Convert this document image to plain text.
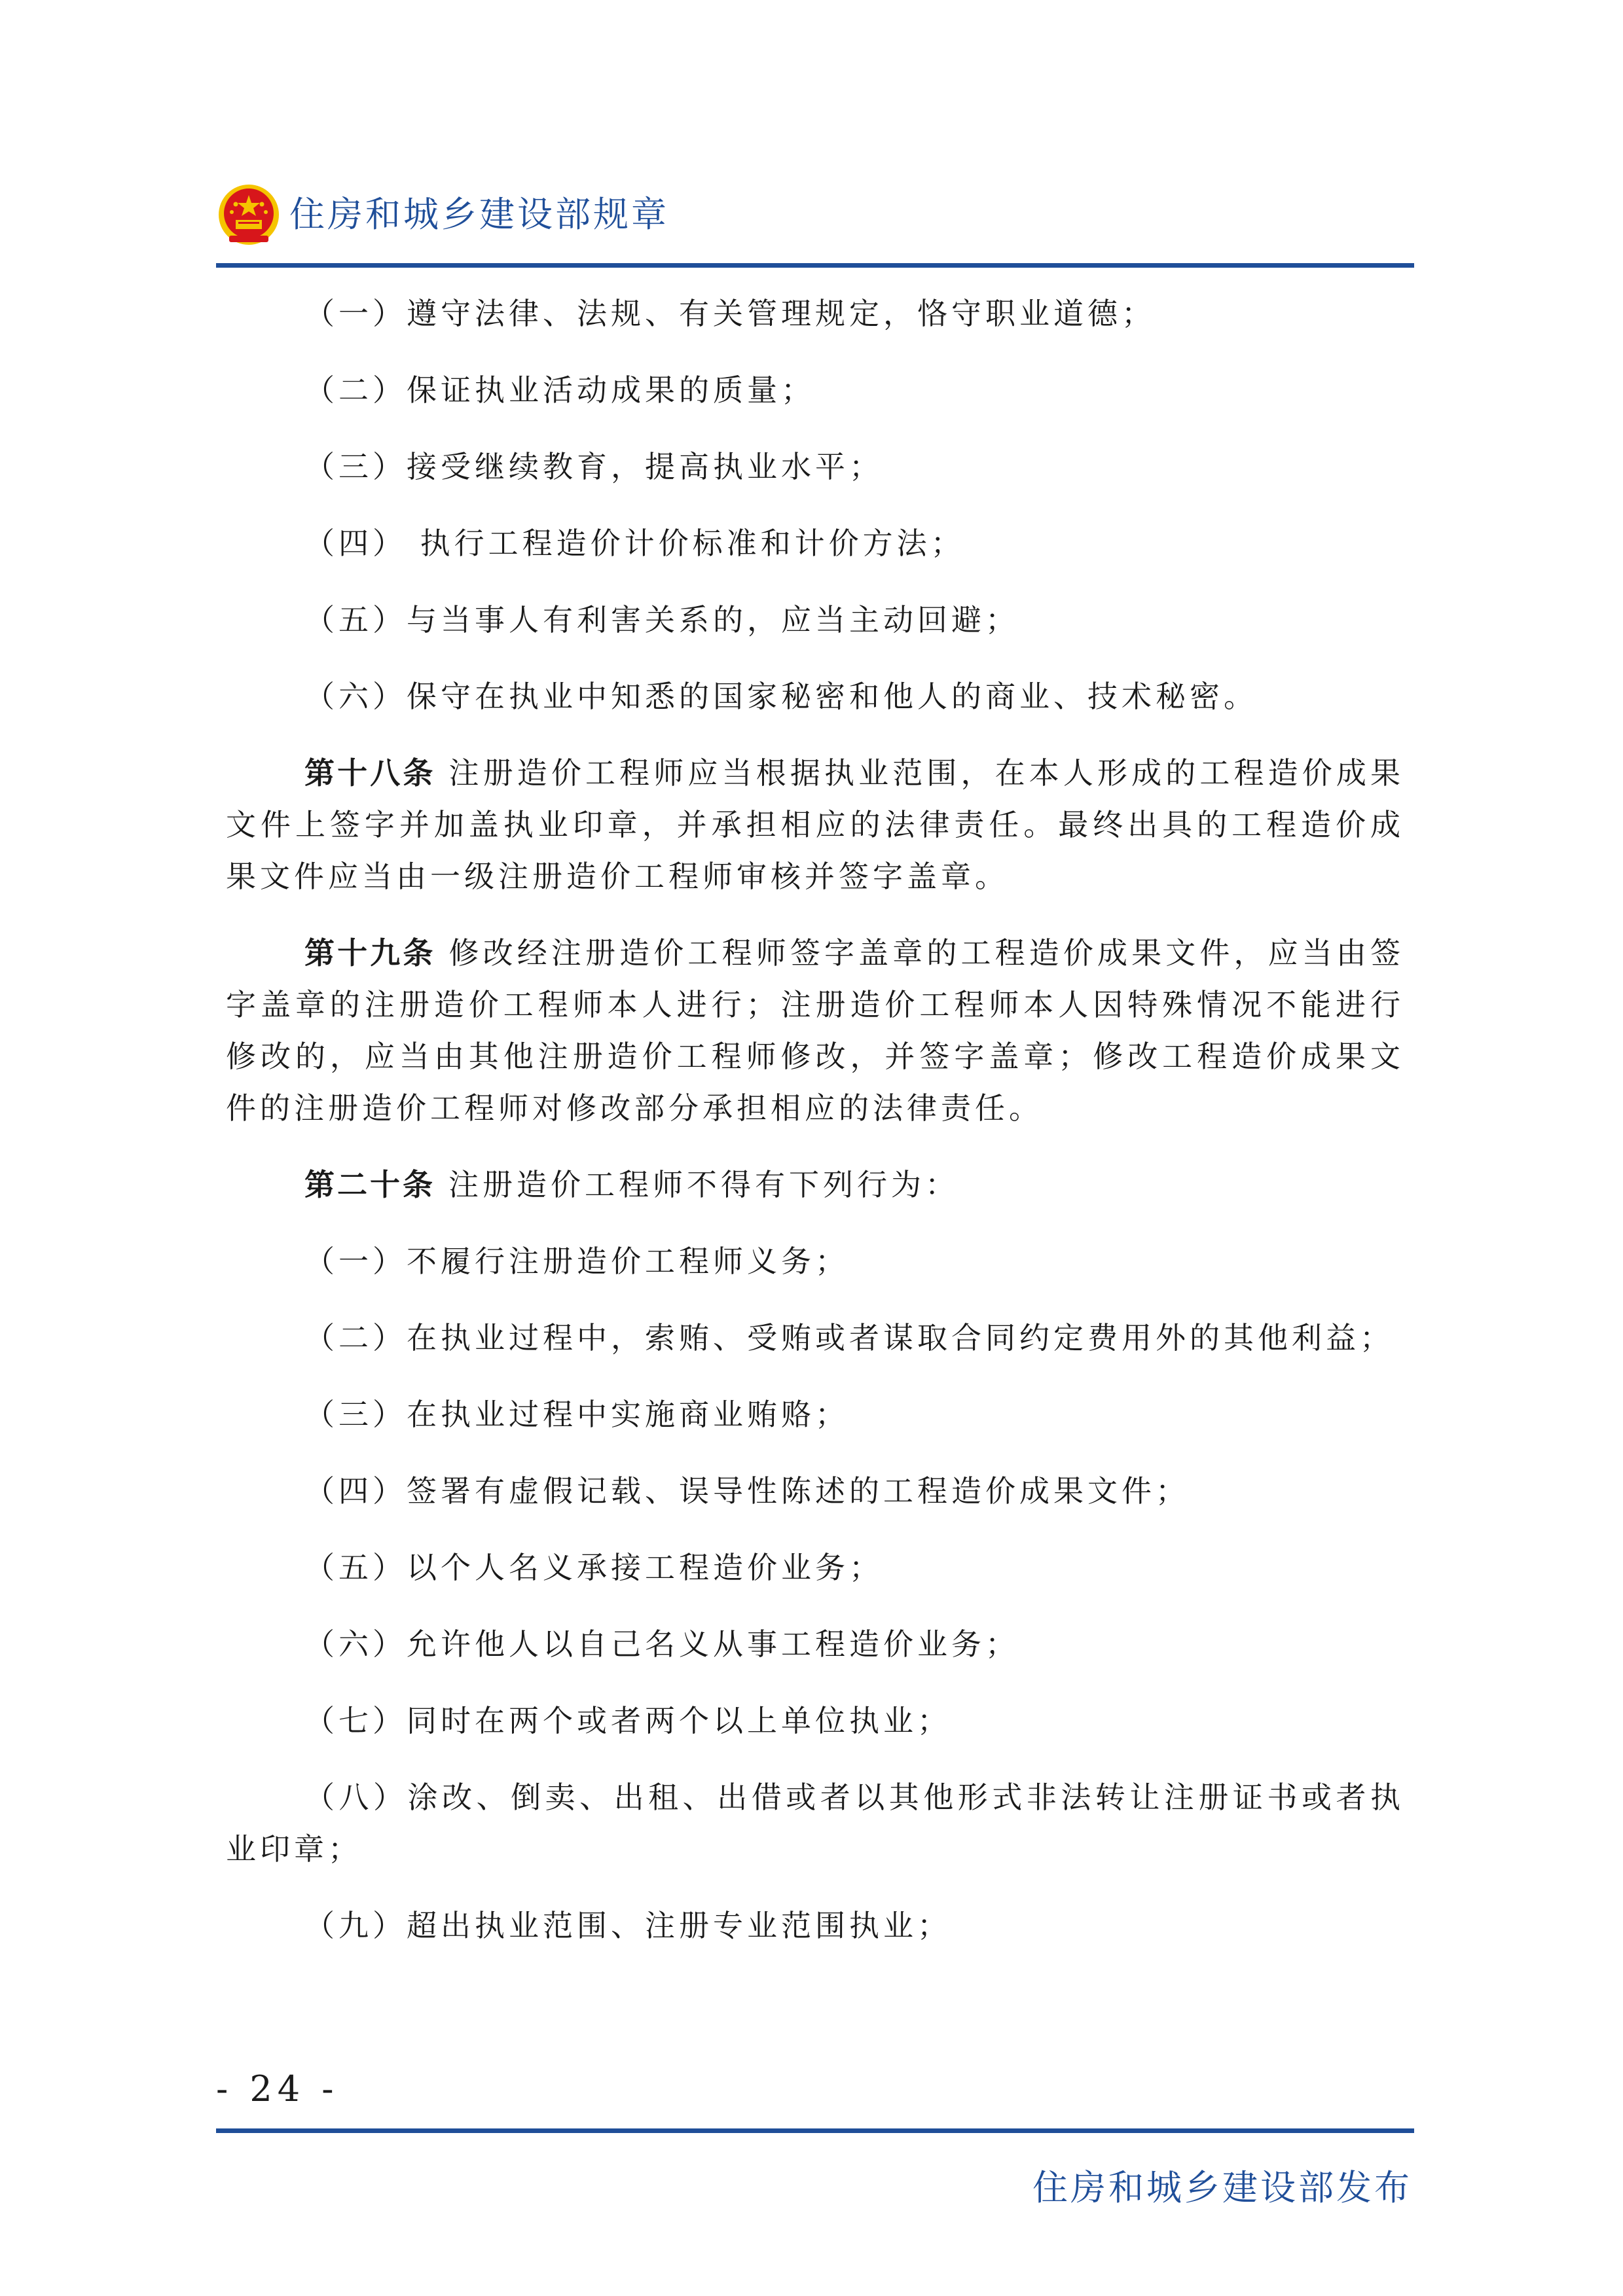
住房和城乡建设部规章

（一）遵守法律、法规、有关管理规定，恪守职业道德；

（二）保证执业活动成果的质量；

（三）接受继续教育，提高执业水平；

（四） 执行工程造价计价标准和计价方法；

（五）与当事人有利害关系的，应当主动回避；

（六）保守在执业中知悉的国家秘密和他人的商业、技术秘密。

第十八条 注册造价工程师应当根据执业范围，在本人形成的工程造价成果文件上签字并加盖执业印章，并承担相应的法律责任。最终出具的工程造价成果文件应当由一级注册造价工程师审核并签字盖章。

第十九条 修改经注册造价工程师签字盖章的工程造价成果文件，应当由签字盖章的注册造价工程师本人进行；注册造价工程师本人因特殊情况不能进行修改的，应当由其他注册造价工程师修改，并签字盖章；修改工程造价成果文件的注册造价工程师对修改部分承担相应的法律责任。

第二十条 注册造价工程师不得有下列行为：

（一）不履行注册造价工程师义务；

（二）在执业过程中，索贿、受贿或者谋取合同约定费用外的其他利益；

（三）在执业过程中实施商业贿赂；

（四）签署有虚假记载、误导性陈述的工程造价成果文件；

（五）以个人名义承接工程造价业务；

（六）允许他人以自己名义从事工程造价业务；

（七）同时在两个或者两个以上单位执业；

（八）涂改、倒卖、出租、出借或者以其他形式非法转让注册证书或者执业印章；

（九）超出执业范围、注册专业范围执业；

- 24 -
住房和城乡建设部发布
